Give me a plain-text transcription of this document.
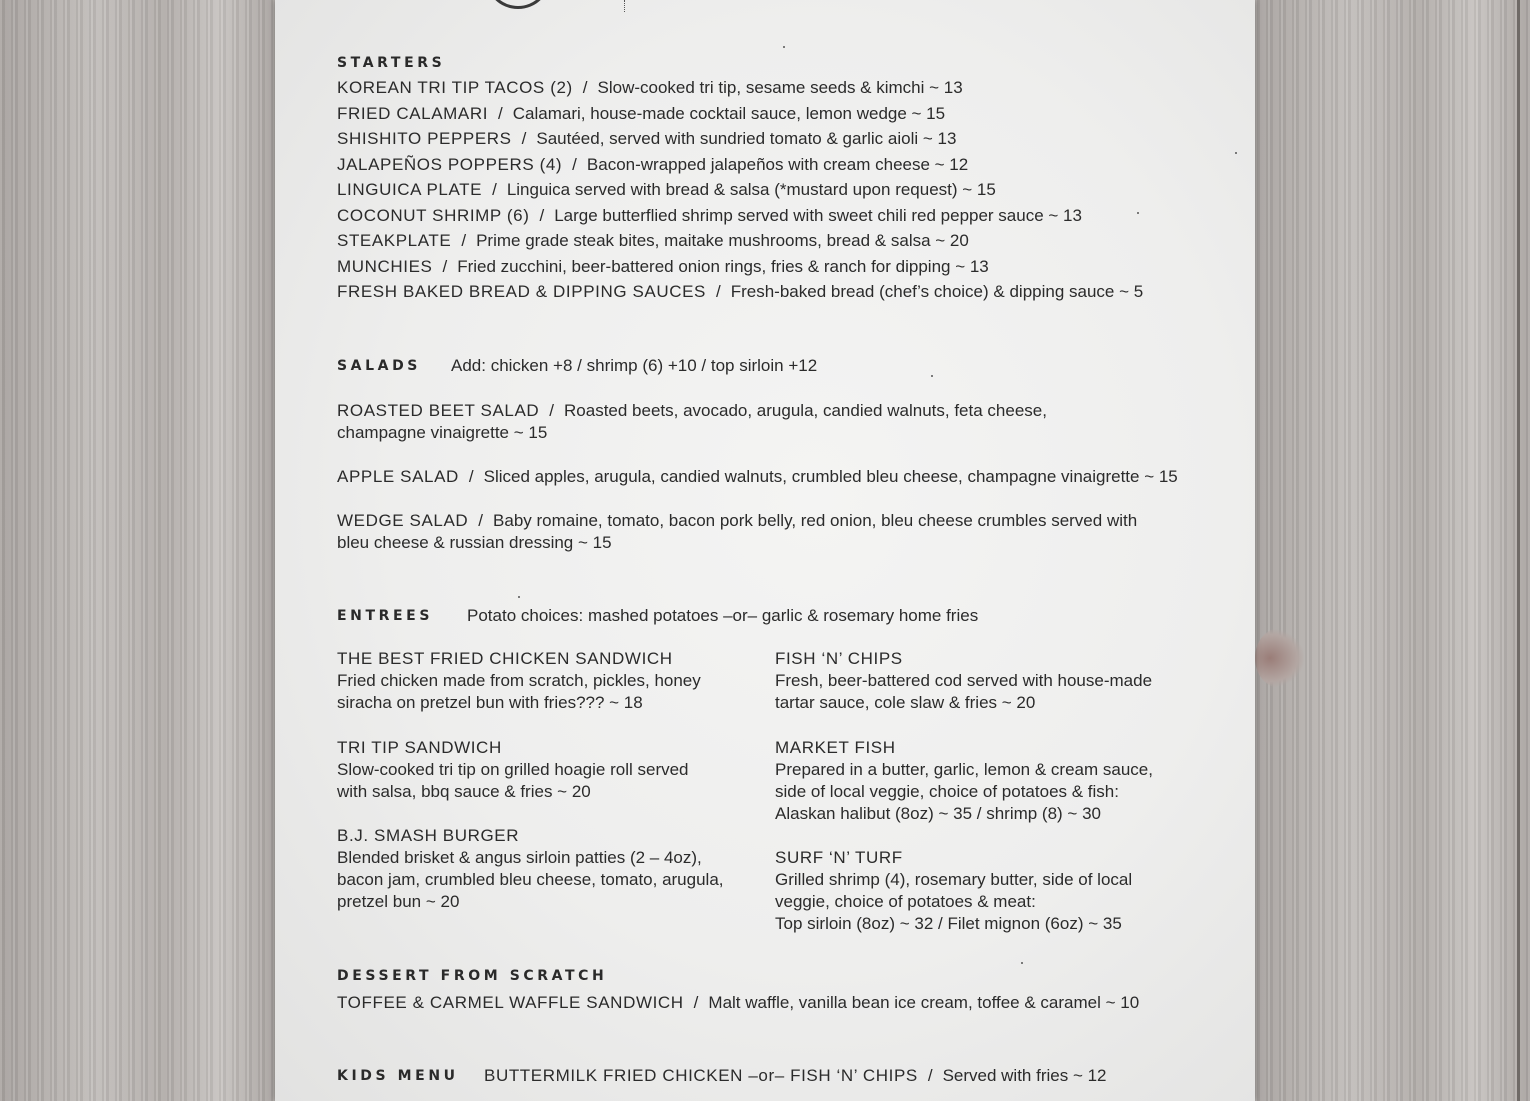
STARTERS
KOREAN TRI TIP TACOS (2) / Slow-cooked tri tip, sesame seeds & kimchi ~ 13
FRIED CALAMARI / Calamari, house-made cocktail sauce, lemon wedge ~ 15
SHISHITO PEPPERS / Sautéed, served with sundried tomato & garlic aioli ~ 13
JALAPEÑOS POPPERS (4) / Bacon-wrapped jalapeños with cream cheese ~ 12
LINGUICA PLATE / Linguica served with bread & salsa (*mustard upon request) ~ 15
COCONUT SHRIMP (6) / Large butterflied shrimp served with sweet chili red pepper sauce ~ 13
STEAKPLATE / Prime grade steak bites, maitake mushrooms, bread & salsa ~ 20
MUNCHIES / Fried zucchini, beer-battered onion rings, fries & ranch for dipping ~ 13
FRESH BAKED BREAD & DIPPING SAUCES / Fresh-baked bread (chef’s choice) & dipping sauce ~ 5
SALADS Add: chicken +8 / shrimp (6) +10 / top sirloin +12
ROASTED BEET SALAD / Roasted beets, avocado, arugula, candied walnuts, feta cheese,
champagne vinaigrette ~ 15
APPLE SALAD / Sliced apples, arugula, candied walnuts, crumbled bleu cheese, champagne vinaigrette ~ 15
WEDGE SALAD / Baby romaine, tomato, bacon pork belly, red onion, bleu cheese crumbles served with
bleu cheese & russian dressing ~ 15
ENTREES Potato choices: mashed potatoes –or– garlic & rosemary home fries
THE BEST FRIED CHICKEN SANDWICH
Fried chicken made from scratch, pickles, honey
siracha on pretzel bun with fries??? ~ 18
TRI TIP SANDWICH
Slow-cooked tri tip on grilled hoagie roll served
with salsa, bbq sauce & fries ~ 20
B.J. SMASH BURGER
Blended brisket & angus sirloin patties (2 – 4oz),
bacon jam, crumbled bleu cheese, tomato, arugula,
pretzel bun ~ 20
FISH ‘N’ CHIPS
Fresh, beer-battered cod served with house-made
tartar sauce, cole slaw & fries ~ 20
MARKET FISH
Prepared in a butter, garlic, lemon & cream sauce,
side of local veggie, choice of potatoes & fish:
Alaskan halibut (8oz) ~ 35 / shrimp (8) ~ 30
SURF ‘N’ TURF
Grilled shrimp (4), rosemary butter, side of local
veggie, choice of potatoes & meat:
Top sirloin (8oz) ~ 32 / Filet mignon (6oz) ~ 35
DESSERT FROM SCRATCH
TOFFEE & CARMEL WAFFLE SANDWICH / Malt waffle, vanilla bean ice cream, toffee & caramel ~ 10
KIDS MENU BUTTERMILK FRIED CHICKEN –or– FISH ‘N’ CHIPS / Served with fries ~ 12
